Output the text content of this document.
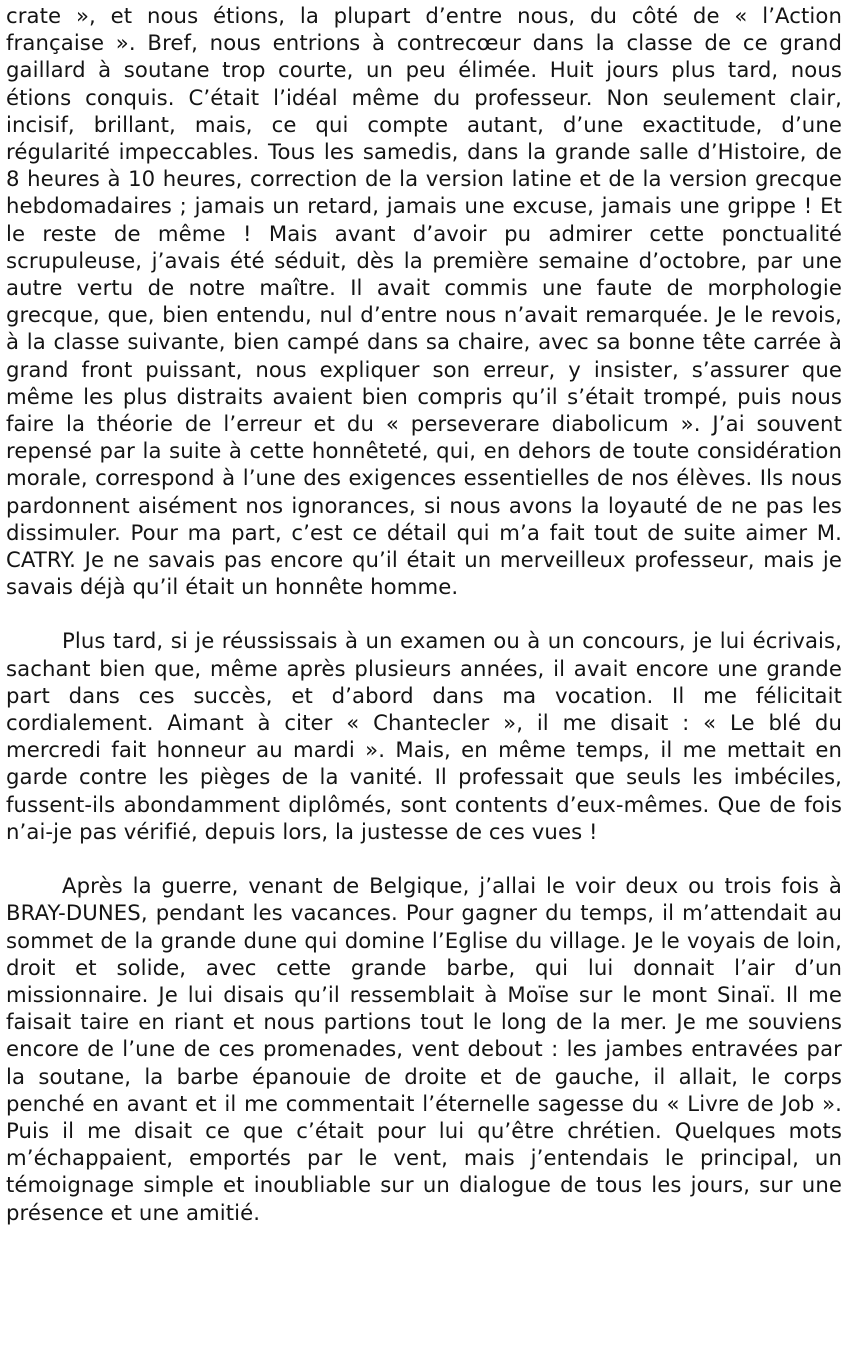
crate », et nous étions, la plupart d’entre nous, du côté de « l’Action française ». Bref, nous entrions à contrecœur dans la classe de ce grand gaillard à soutane trop courte, un peu élimée. Huit jours plus tard, nous étions conquis. C’était l’idéal même du professeur. Non seulement clair, incisif, brillant, mais, ce qui compte autant, d’une exactitude, d’une régularité impeccables. Tous les samedis, dans la grande salle d’Histoire, de 8 heures à 10 heures, correction de la version latine et de la version grecque hebdomadaires ; jamais un retard, jamais une excuse, jamais une grippe ! Et le reste de même ! Mais avant d’avoir pu admirer cette ponctualité scrupuleuse, j’avais été séduit, dès la première semaine d’octobre, par une autre vertu de notre maître. Il avait commis une faute de morphologie grecque, que, bien entendu, nul d’entre nous n’avait remarquée. Je le revois, à la classe suivante, bien campé dans sa chaire, avec sa bonne tête carrée à grand front puissant, nous expliquer son erreur, y insister, s’assurer que même les plus distraits avaient bien compris qu’il s’était trompé, puis nous faire la théorie de l’erreur et du « perseverare diabolicum ». J’ai souvent repensé par la suite à cette honnêteté, qui, en dehors de toute considération morale, correspond à l’une des exigences essentielles de nos élèves. Ils nous pardonnent aisément nos ignorances, si nous avons la loyauté de ne pas les dissimuler. Pour ma part, c’est ce détail qui m’a fait tout de suite aimer M. CATRY. Je ne savais pas encore qu’il était un merveilleux professeur, mais je savais déjà qu’il était un honnête homme.

Plus tard, si je réussissais à un examen ou à un concours, je lui écrivais, sachant bien que, même après plusieurs années, il avait encore une grande part dans ces succès, et d’abord dans ma vocation. Il me félicitait cordialement. Aimant à citer « Chantecler », il me disait : « Le blé du mercredi fait honneur au mardi ». Mais, en même temps, il me mettait en garde contre les pièges de la vanité. Il professait que seuls les imbéciles, fussent-ils abondamment diplômés, sont contents d’eux-mêmes. Que de fois n’ai-je pas vérifié, depuis lors, la justesse de ces vues !

Après la guerre, venant de Belgique, j’allai le voir deux ou trois fois à BRAY-DUNES, pendant les vacances. Pour gagner du temps, il m’attendait au sommet de la grande dune qui domine l’Eglise du village. Je le voyais de loin, droit et solide, avec cette grande barbe, qui lui donnait l’air d’un missionnaire. Je lui disais qu’il ressemblait à Moïse sur le mont Sinaï. Il me faisait taire en riant et nous partions tout le long de la mer. Je me souviens encore de l’une de ces promenades, vent debout : les jambes entravées par la soutane, la barbe épanouie de droite et de gauche, il allait, le corps penché en avant et il me commentait l’éternelle sagesse du « Livre de Job ». Puis il me disait ce que c’était pour lui qu’être chrétien. Quelques mots m’échappaient, emportés par le vent, mais j’entendais le principal, un témoignage simple et inoubliable sur un dialogue de tous les jours, sur une présence et une amitié.
